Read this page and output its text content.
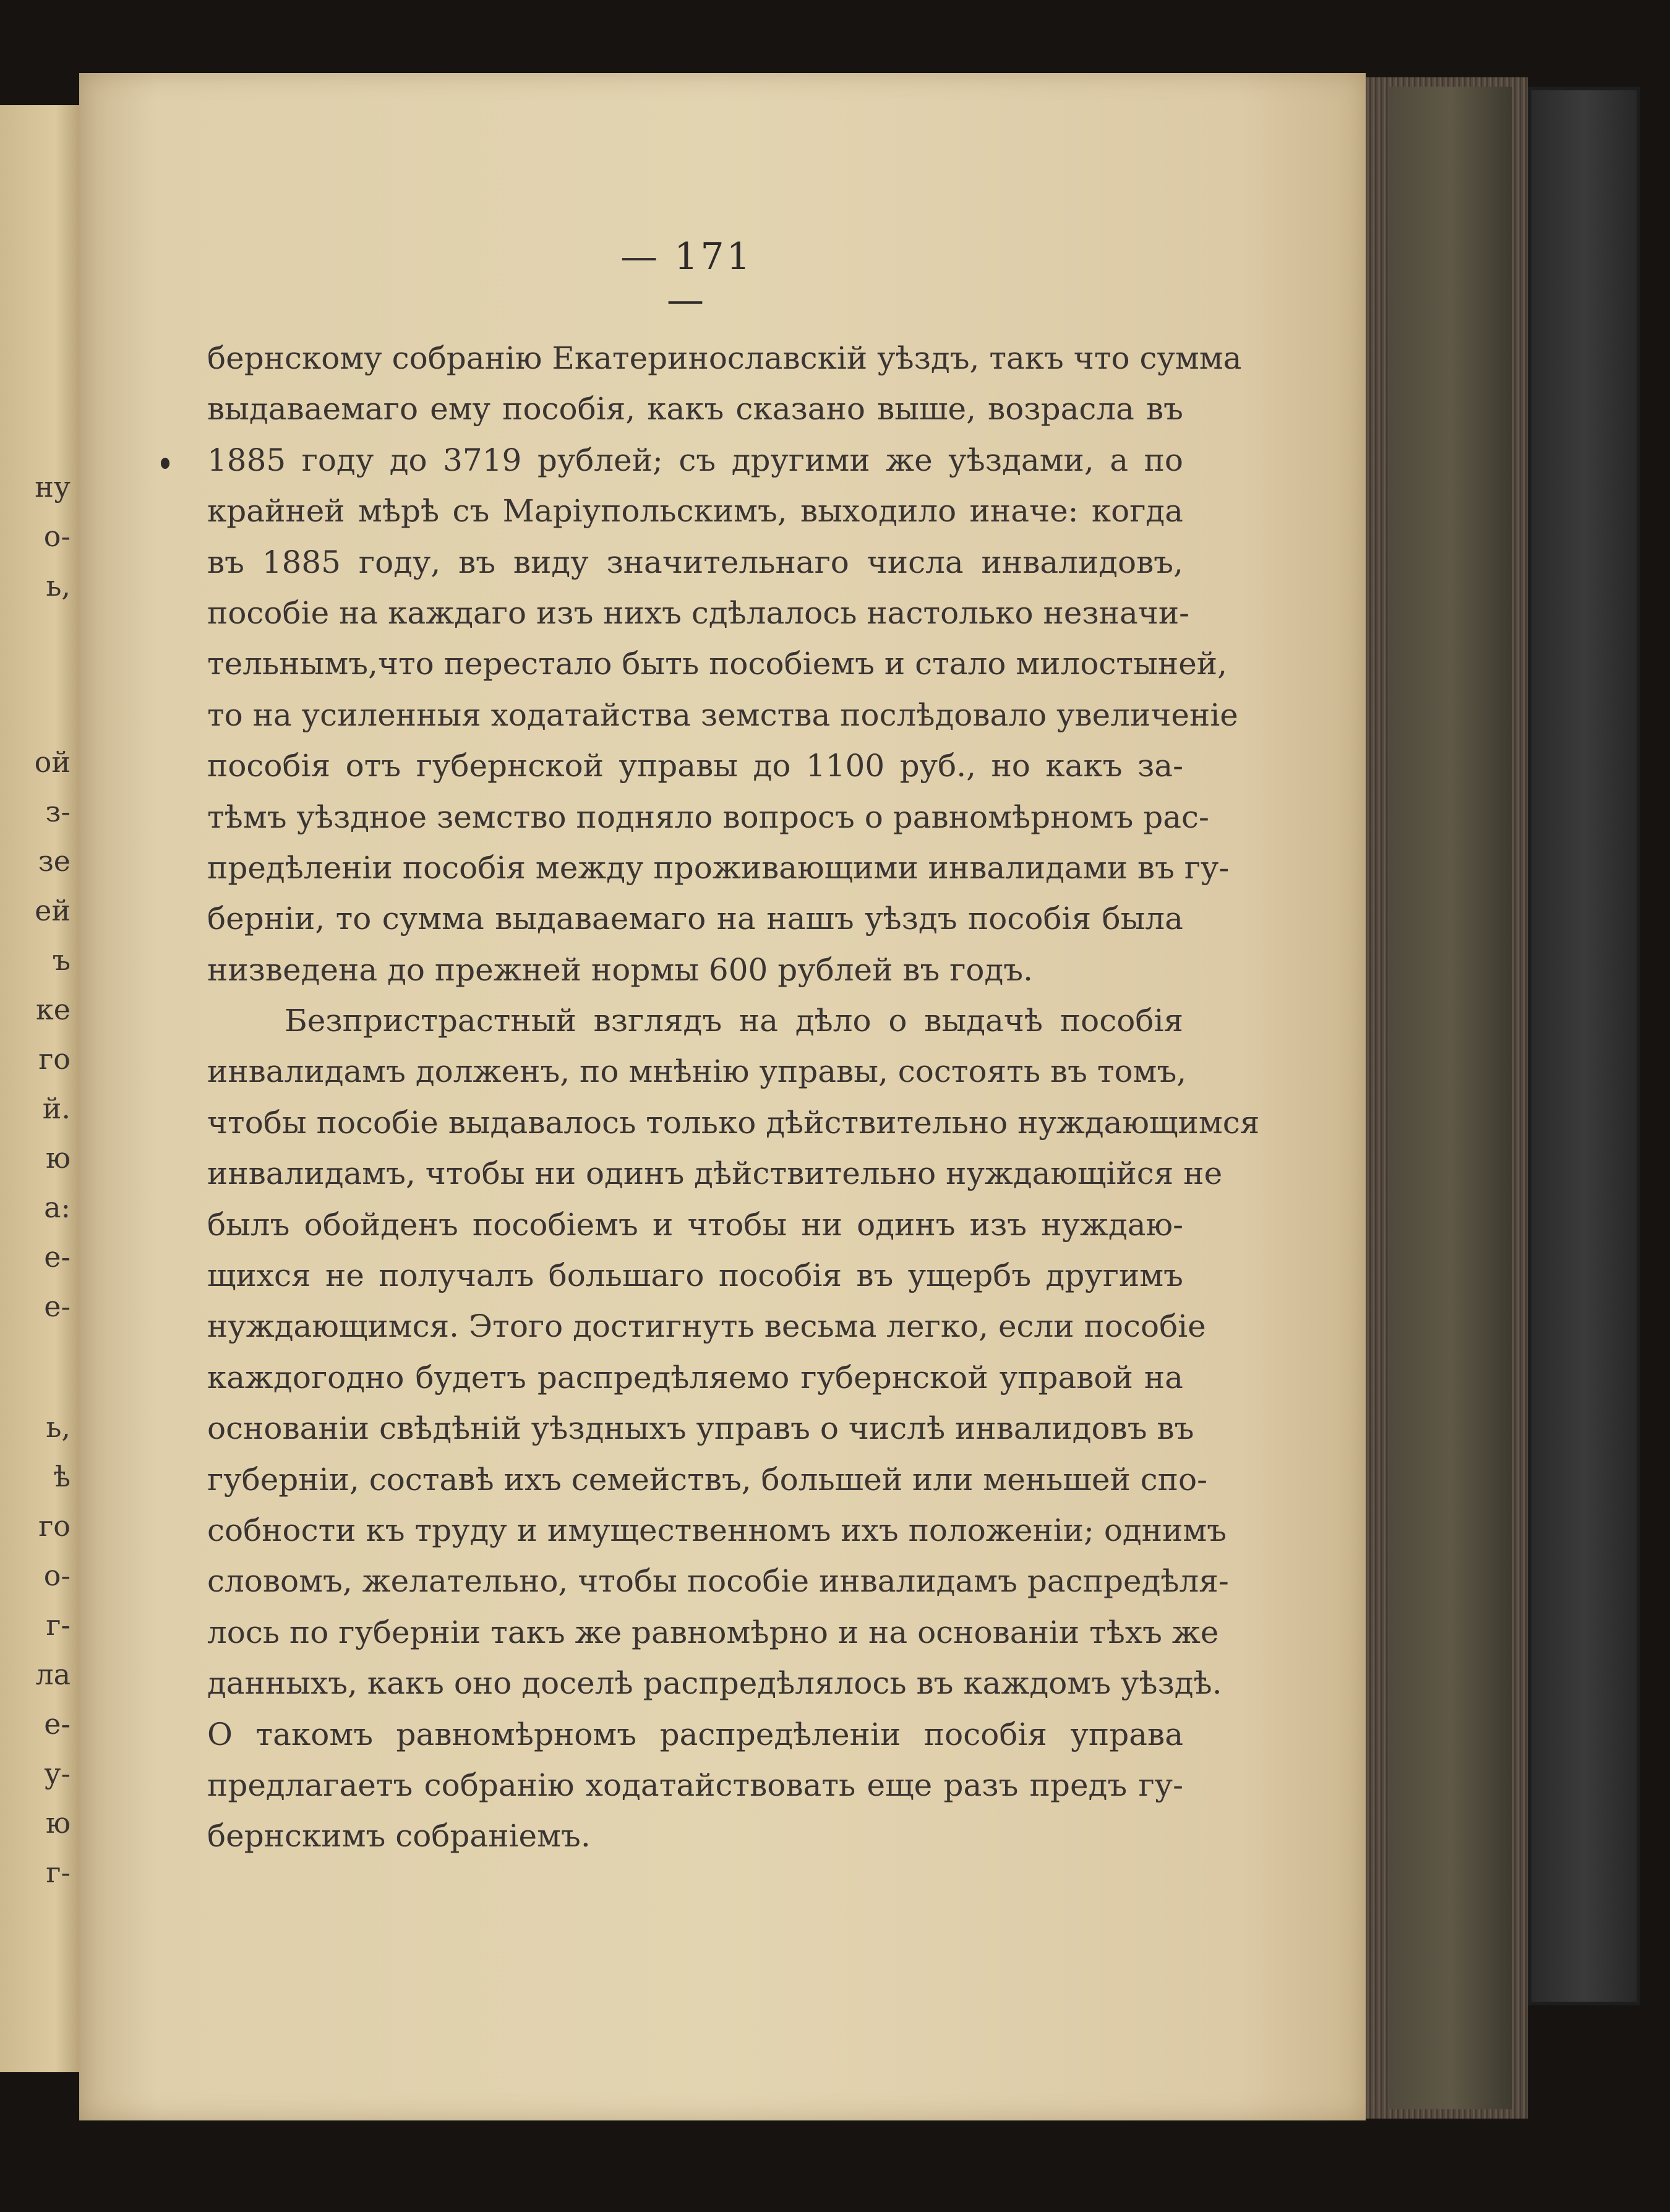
ну
о-
ь,
ой
з-
зе
ей
ъ
ке
го
й.
ю
а:
е-
е-
ь,
ѣ
го
о-
г-
ла
е-
у-
ю
г-
— 171 —
бернскому собранію Екатеринославскій уѣздъ, такъ что сумма
выдаваемаго ему пособія, какъ сказано выше, возрасла въ
1885 году до 3719 рублей; съ другими же уѣздами, а по
крайней мѣрѣ съ Маріупольскимъ, выходило иначе: когда
въ 1885 году, въ виду значительнаго числа инвалидовъ,
пособіе на каждаго изъ нихъ сдѣлалось настолько незначи-
тельнымъ,что перестало быть пособіемъ и стало милостыней,
то на усиленныя ходатайства земства послѣдовало увеличеніе
пособія отъ губернской управы до 1100 руб., но какъ за-
тѣмъ уѣздное земство подняло вопросъ о равномѣрномъ рас-
предѣленіи пособія между проживающими инвалидами въ гу-
берніи, то сумма выдаваемаго на нашъ уѣздъ пособія была
низведена до прежней нормы 600 рублей въ годъ.
Безпристрастный взглядъ на дѣло о выдачѣ пособія
инвалидамъ долженъ, по мнѣнію управы, состоять въ томъ,
чтобы пособіе выдавалось только дѣйствительно нуждающимся
инвалидамъ, чтобы ни одинъ дѣйствительно нуждающійся не
былъ обойденъ пособіемъ и чтобы ни одинъ изъ нуждаю-
щихся не получалъ большаго пособія въ ущербъ другимъ
нуждающимся. Этого достигнуть весьма легко, если пособіе
каждогодно будетъ распредѣляемо губернской управой на
основаніи свѣдѣній уѣздныхъ управъ о числѣ инвалидовъ въ
губерніи, составѣ ихъ семействъ, большей или меньшей спо-
собности къ труду и имущественномъ ихъ положеніи; однимъ
словомъ, желательно, чтобы пособіе инвалидамъ распредѣля-
лось по губерніи такъ же равномѣрно и на основаніи тѣхъ же
данныхъ, какъ оно доселѣ распредѣлялось въ каждомъ уѣздѣ.
О такомъ равномѣрномъ распредѣленіи пособія управа
предлагаетъ собранію ходатайствовать еще разъ предъ гу-
бернскимъ собраніемъ.
